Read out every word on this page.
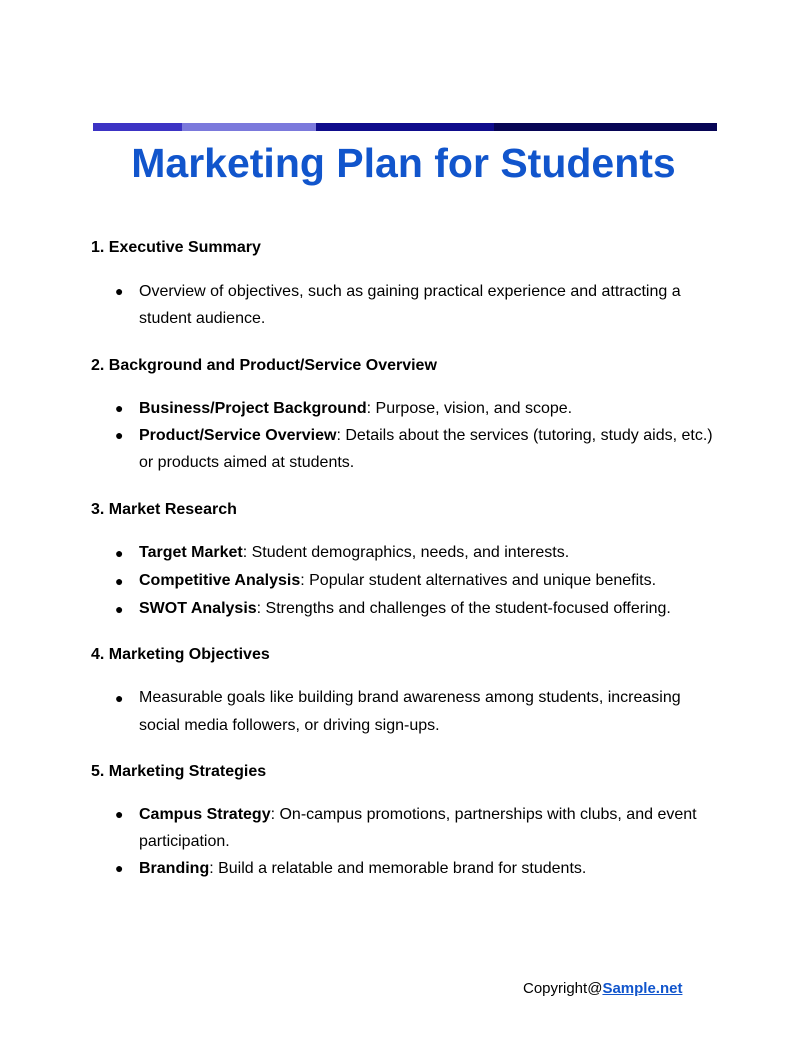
Marketing Plan for Students
1. Executive Summary
● Overview of objectives, such as gaining practical experience and attracting a student audience.
2. Background and Product/Service Overview
● Business/Project Background: Purpose, vision, and scope.
● Product/Service Overview: Details about the services (tutoring, study aids, etc.) or products aimed at students.
3. Market Research
● Target Market: Student demographics, needs, and interests.
● Competitive Analysis: Popular student alternatives and unique benefits.
● SWOT Analysis: Strengths and challenges of the student-focused offering.
4. Marketing Objectives
● Measurable goals like building brand awareness among students, increasing social media followers, or driving sign-ups.
5. Marketing Strategies
● Campus Strategy: On-campus promotions, partnerships with clubs, and event participation.
● Branding: Build a relatable and memorable brand for students.
Copyright@Sample.net
